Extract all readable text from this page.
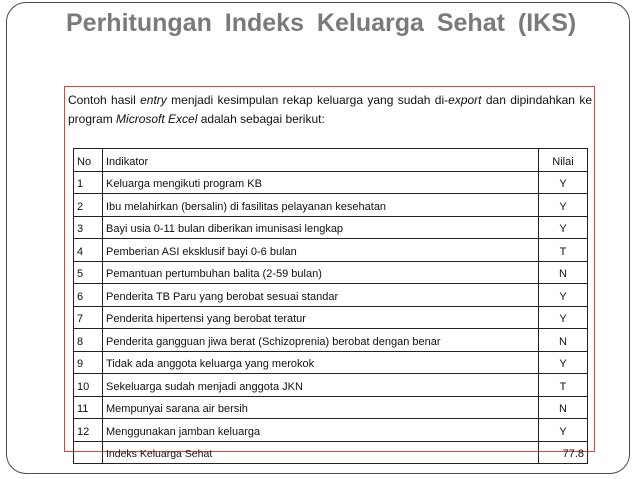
Perhitungan Indeks Keluarga Sehat (IKS)
Contoh hasil entry menjadi kesimpulan rekap keluarga yang sudah di-export dan dipindahkan ke program Microsoft Excel adalah sebagai berikut:
No	Indikator	Nilai
1	Keluarga mengikuti program KB	Y
2	Ibu melahirkan (bersalin) di fasilitas pelayanan kesehatan	Y
3	Bayi usia 0-11 bulan diberikan imunisasi lengkap	Y
4	Pemberian ASI eksklusif bayi 0-6 bulan	T
5	Pemantuan pertumbuhan balita (2-59 bulan)	N
6	Penderita TB Paru yang berobat sesuai standar	Y
7	Penderita hipertensi yang berobat teratur	Y
8	Penderita gangguan jiwa berat (Schizoprenia) berobat dengan benar	N
9	Tidak ada anggota keluarga yang merokok	Y
10	Sekeluarga sudah menjadi anggota JKN	T
11	Mempunyai sarana air bersih	N
12	Menggunakan jamban keluarga	Y
	Indeks Keluarga Sehat	77.8
